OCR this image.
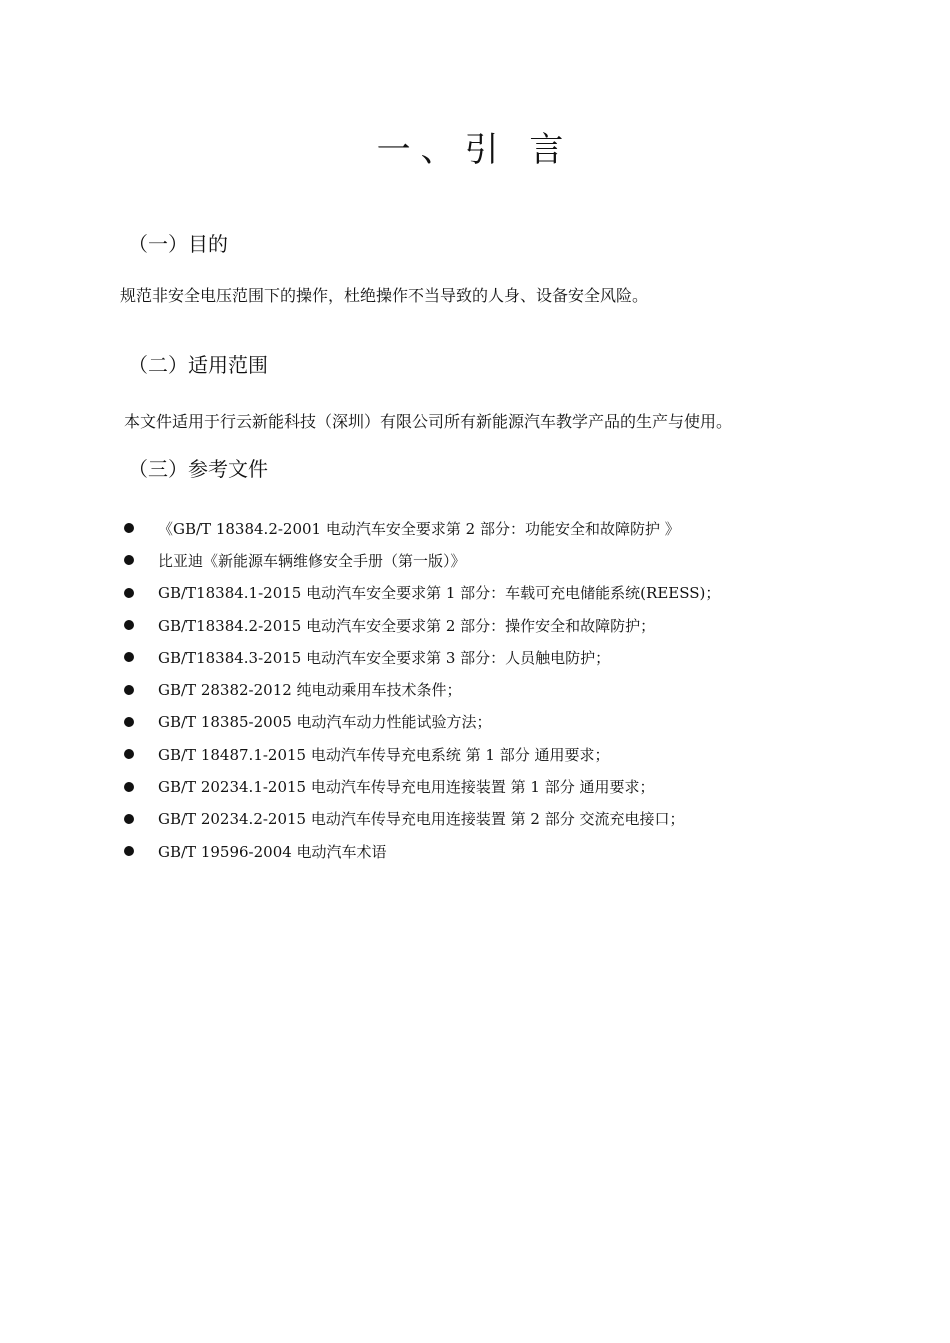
一、引 言
（一）目的
规范非安全电压范围下的操作，杜绝操作不当导致的人身、设备安全风险。
（二）适用范围
本文件适用于行云新能科技（深圳）有限公司所有新能源汽车教学产品的生产与使用。
（三）参考文件
《GB/T 18384.2-2001 电动汽车安全要求第 2 部分：功能安全和故障防护 》
比亚迪《新能源车辆维修安全手册（第一版）》
GB/T18384.1-2015 电动汽车安全要求第 1 部分：车载可充电储能系统(REESS)；
GB/T18384.2-2015 电动汽车安全要求第 2 部分：操作安全和故障防护；
GB/T18384.3-2015 电动汽车安全要求第 3 部分：人员触电防护；
GB/T 28382-2012 纯电动乘用车技术条件；
GB/T 18385-2005 电动汽车动力性能试验方法；
GB/T 18487.1-2015 电动汽车传导充电系统 第 1 部分 通用要求；
GB/T 20234.1-2015 电动汽车传导充电用连接装置 第 1 部分 通用要求；
GB/T 20234.2-2015 电动汽车传导充电用连接装置 第 2 部分 交流充电接口；
GB/T 19596-2004 电动汽车术语
